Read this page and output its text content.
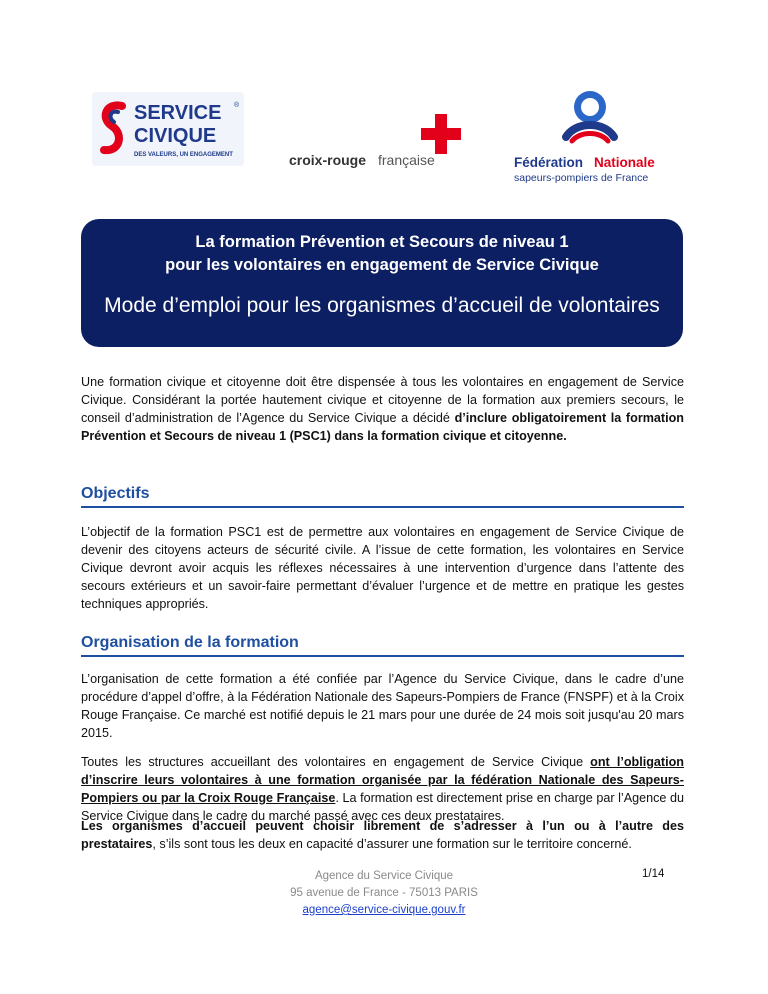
SERVICE ®
CIVIQUE
DES VALEURS, UN ENGAGEMENT	croix-rouge française	Fédération Nationale
sapeurs-pompiers de France
La formation Prévention et Secours de niveau 1
pour les volontaires en engagement de Service Civique
Mode d’emploi pour les organismes d’accueil de volontaires
Une formation civique et citoyenne doit être dispensée à tous les volontaires en engagement de Service Civique. Considérant la portée hautement civique et citoyenne de la formation aux premiers secours, le conseil d’administration de l’Agence du Service Civique a décidé d’inclure obligatoirement la formation Prévention et Secours de niveau 1 (PSC1) dans la formation civique et citoyenne.
Objectifs
L’objectif de la formation PSC1 est de permettre aux volontaires en engagement de Service Civique de devenir des citoyens acteurs de sécurité civile. A l’issue de cette formation, les volontaires en Service Civique devront avoir acquis les réflexes nécessaires à une intervention d’urgence dans l’attente des secours extérieurs et un savoir-faire permettant d’évaluer l’urgence et de mettre en pratique les gestes techniques appropriés.
Organisation de la formation
L’organisation de cette formation a été confiée par l’Agence du Service Civique, dans le cadre d’une procédure d’appel d’offre, à la Fédération Nationale des Sapeurs-Pompiers de France (FNSPF) et à la Croix Rouge Française. Ce marché est notifié depuis le 21 mars pour une durée de 24 mois soit jusqu'au 20 mars 2015.
Toutes les structures accueillant des volontaires en engagement de Service Civique ont l’obligation d’inscrire leurs volontaires à une formation organisée par la fédération Nationale des Sapeurs-Pompiers ou par la Croix Rouge Française. La formation est directement prise en charge par l’Agence du Service Civique dans le cadre du marché passé avec ces deux prestataires.
Les organismes d’accueil peuvent choisir librement de s’adresser à l’un ou à l’autre des prestataires, s’ils sont tous les deux en capacité d’assurer une formation sur le territoire concerné.
Agence du Service Civique
95 avenue de France - 75013 PARIS
agence@service-civique.gouv.fr
1/14
